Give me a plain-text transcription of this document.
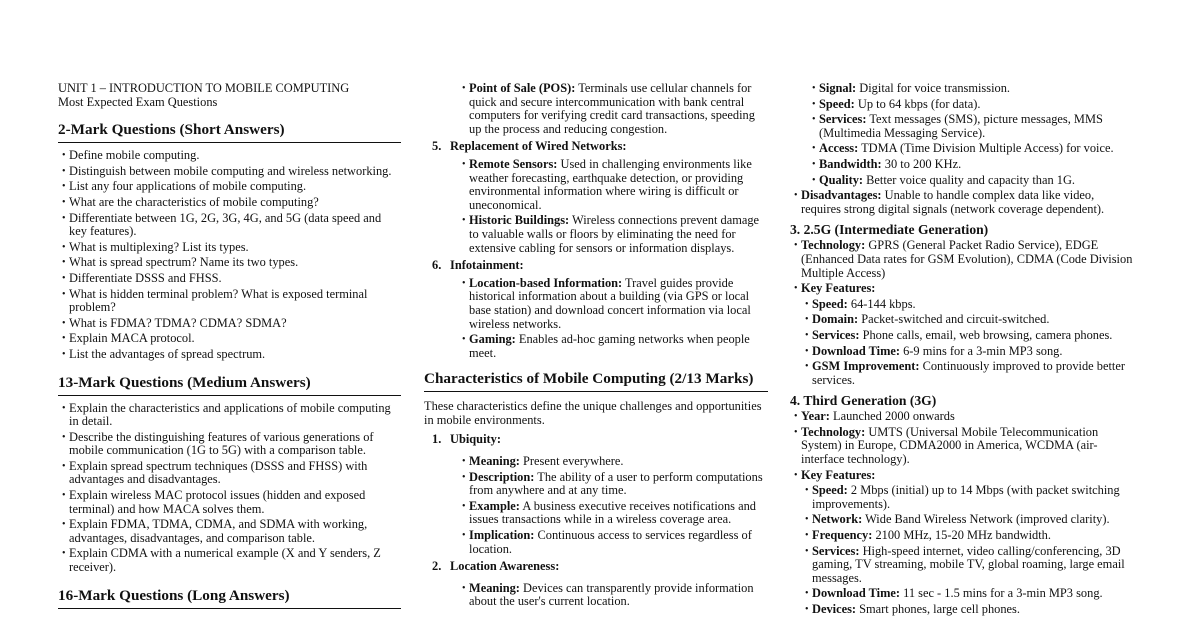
UNIT 1 – INTRODUCTION TO MOBILE COMPUTING

Most Expected Exam Questions

2-Mark Questions (Short Answers)
• Define mobile computing.
• Distinguish between mobile computing and wireless networking.
• List any four applications of mobile computing.
• What are the characteristics of mobile computing?
• Differentiate between 1G, 2G, 3G, 4G, and 5G (data speed and key features).
• What is multiplexing? List its types.
• What is spread spectrum? Name its two types.
• Differentiate DSSS and FHSS.
• What is hidden terminal problem? What is exposed terminal problem?
• What is FDMA? TDMA? CDMA? SDMA?
• Explain MACA protocol.
• List the advantages of spread spectrum.
13-Mark Questions (Medium Answers)
• Explain the characteristics and applications of mobile computing in detail.
• Describe the distinguishing features of various generations of mobile communication (1G to 5G) with a comparison table.
• Explain spread spectrum techniques (DSSS and FHSS) with advantages and disadvantages.
• Explain wireless MAC protocol issues (hidden and exposed terminal) and how MACA solves them.
• Explain FDMA, TDMA, CDMA, and SDMA with working, advantages, disadvantages, and comparison table.
• Explain CDMA with a numerical example (X and Y senders, Z receiver).
16-Mark Questions (Long Answers)
• Point of Sale (POS): Terminals use cellular channels for quick and secure intercommunication with bank central computers for verifying credit card transactions, speeding up the process and reducing congestion.
5. Replacement of Wired Networks:
• Remote Sensors: Used in challenging environments like weather forecasting, earthquake detection, or providing environmental information where wiring is difficult or uneconomical.
• Historic Buildings: Wireless connections prevent damage to valuable walls or floors by eliminating the need for extensive cabling for sensors or information displays.
6. Infotainment:
• Location-based Information: Travel guides provide historical information about a building (via GPS or local base station) and download concert information via local wireless networks.
• Gaming: Enables ad-hoc gaming networks when people meet.
Characteristics of Mobile Computing (2/13 Marks)

These characteristics define the unique challenges and opportunities in mobile environments.

1. Ubiquity:
• Meaning: Present everywhere.
• Description: The ability of a user to perform computations from anywhere and at any time.
• Example: A business executive receives notifications and issues transactions while in a wireless coverage area.
• Implication: Continuous access to services regardless of location.
2. Location Awareness:
• Meaning: Devices can transparently provide information about the user's current location.
• Signal: Digital for voice transmission.
• Speed: Up to 64 kbps (for data).
• Services: Text messages (SMS), picture messages, MMS (Multimedia Messaging Service).
• Access: TDMA (Time Division Multiple Access) for voice.
• Bandwidth: 30 to 200 KHz.
• Quality: Better voice quality and capacity than 1G.
• Disadvantages: Unable to handle complex data like video, requires strong digital signals (network coverage dependent).
3. 2.5G (Intermediate Generation)
• Technology: GPRS (General Packet Radio Service), EDGE (Enhanced Data rates for GSM Evolution), CDMA (Code Division Multiple Access)
• Key Features:
• Speed: 64-144 kbps.
• Domain: Packet-switched and circuit-switched.
• Services: Phone calls, email, web browsing, camera phones.
• Download Time: 6-9 mins for a 3-min MP3 song.
• GSM Improvement: Continuously improved to provide better services.
4. Third Generation (3G)
• Year: Launched 2000 onwards
• Technology: UMTS (Universal Mobile Telecommunication System) in Europe, CDMA2000 in America, WCDMA (air-interface technology).
• Key Features:
• Speed: 2 Mbps (initial) up to 14 Mbps (with packet switching improvements).
• Network: Wide Band Wireless Network (improved clarity).
• Frequency: 2100 MHz, 15-20 MHz bandwidth.
• Services: High-speed internet, video calling/conferencing, 3D gaming, TV streaming, mobile TV, global roaming, large email messages.
• Download Time: 11 sec - 1.5 mins for a 3-min MP3 song.
• Devices: Smart phones, large cell phones.
